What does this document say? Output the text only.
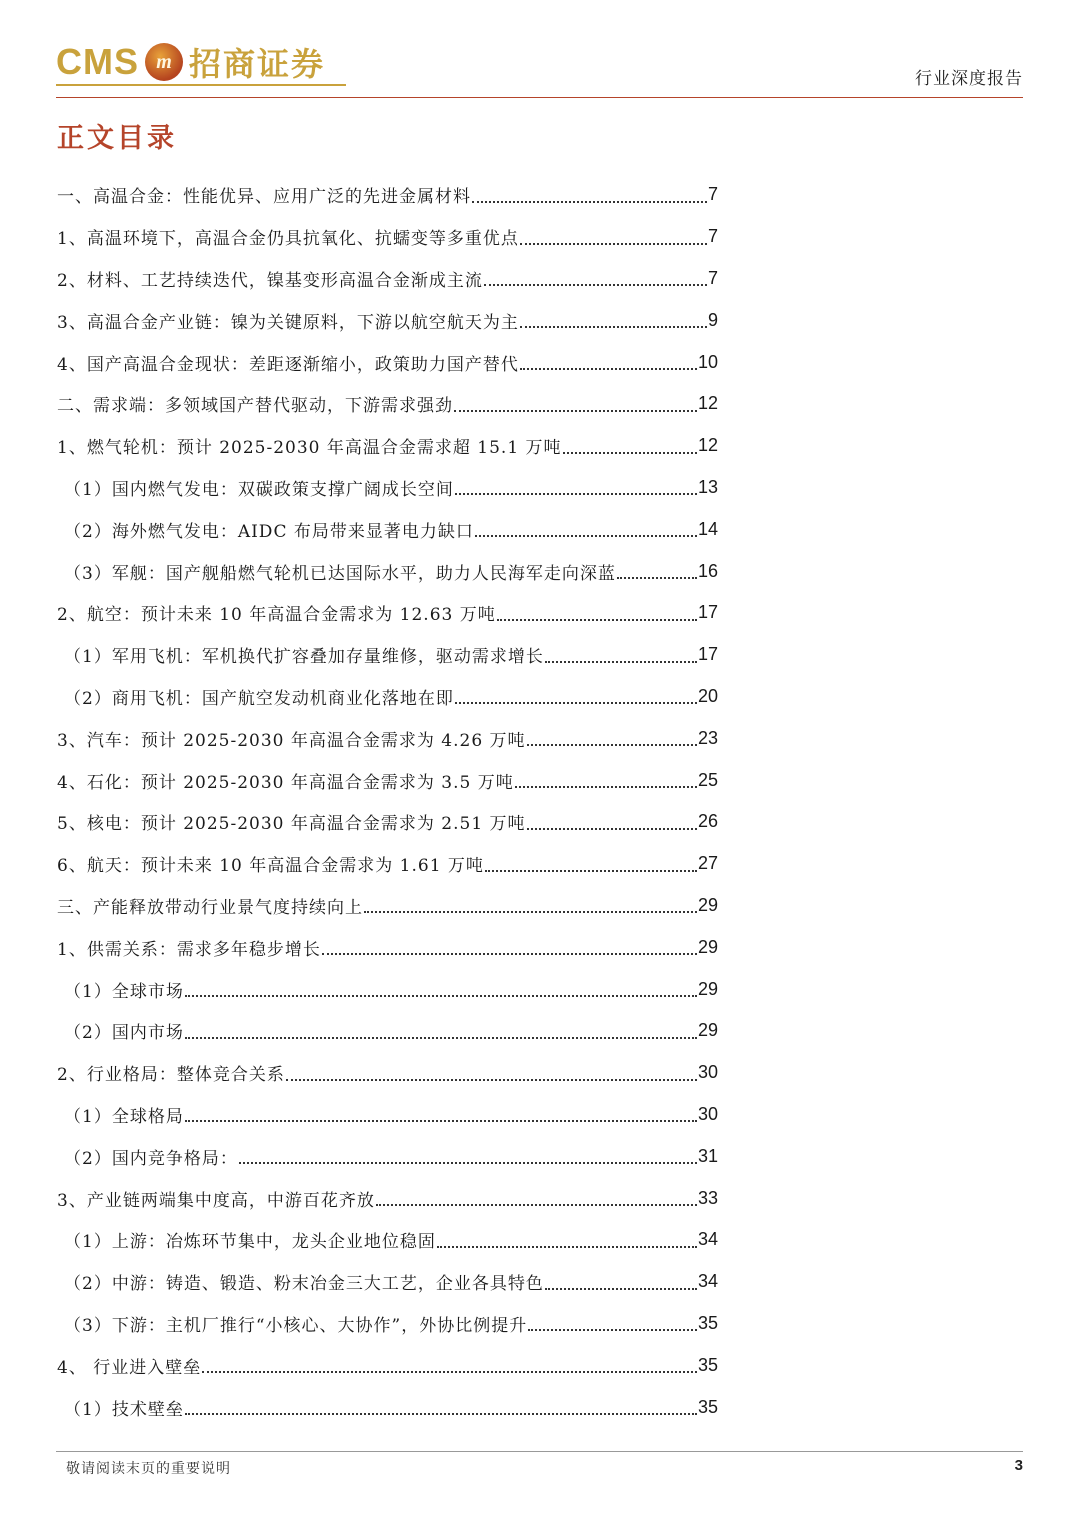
CMS m 招商证券	行业深度报告
正文目录
一、高温合金：性能优异、应用广泛的先进金属材料	7
1、高温环境下，高温合金仍具抗氧化、抗蠕变等多重优点	7
2、材料、工艺持续迭代，镍基变形高温合金渐成主流	7
3、高温合金产业链：镍为关键原料，下游以航空航天为主	9
4、国产高温合金现状：差距逐渐缩小，政策助力国产替代	10
二、需求端：多领域国产替代驱动，下游需求强劲	12
1、燃气轮机：预计 2025-2030 年高温合金需求超 15.1 万吨	12
（1）国内燃气发电：双碳政策支撑广阔成长空间	13
（2）海外燃气发电：AIDC 布局带来显著电力缺口	14
（3）军舰：国产舰船燃气轮机已达国际水平，助力人民海军走向深蓝	16
2、航空：预计未来 10 年高温合金需求为 12.63 万吨	17
（1）军用飞机：军机换代扩容叠加存量维修，驱动需求增长	17
（2）商用飞机：国产航空发动机商业化落地在即	20
3、汽车：预计 2025-2030 年高温合金需求为 4.26 万吨	23
4、石化：预计 2025-2030 年高温合金需求为 3.5 万吨	25
5、核电：预计 2025-2030 年高温合金需求为 2.51 万吨	26
6、航天：预计未来 10 年高温合金需求为 1.61 万吨	27
三、产能释放带动行业景气度持续向上	29
1、供需关系：需求多年稳步增长	29
（1）全球市场	29
（2）国内市场	29
2、行业格局：整体竞合关系	30
（1）全球格局	30
（2）国内竞争格局：	31
3、产业链两端集中度高，中游百花齐放	33
（1）上游：冶炼环节集中，龙头企业地位稳固	34
（2）中游：铸造、锻造、粉末冶金三大工艺，企业各具特色	34
（3）下游：主机厂推行“小核心、大协作”，外协比例提升	35
4、 行业进入壁垒	35
（1）技术壁垒	35
敬请阅读末页的重要说明	3
